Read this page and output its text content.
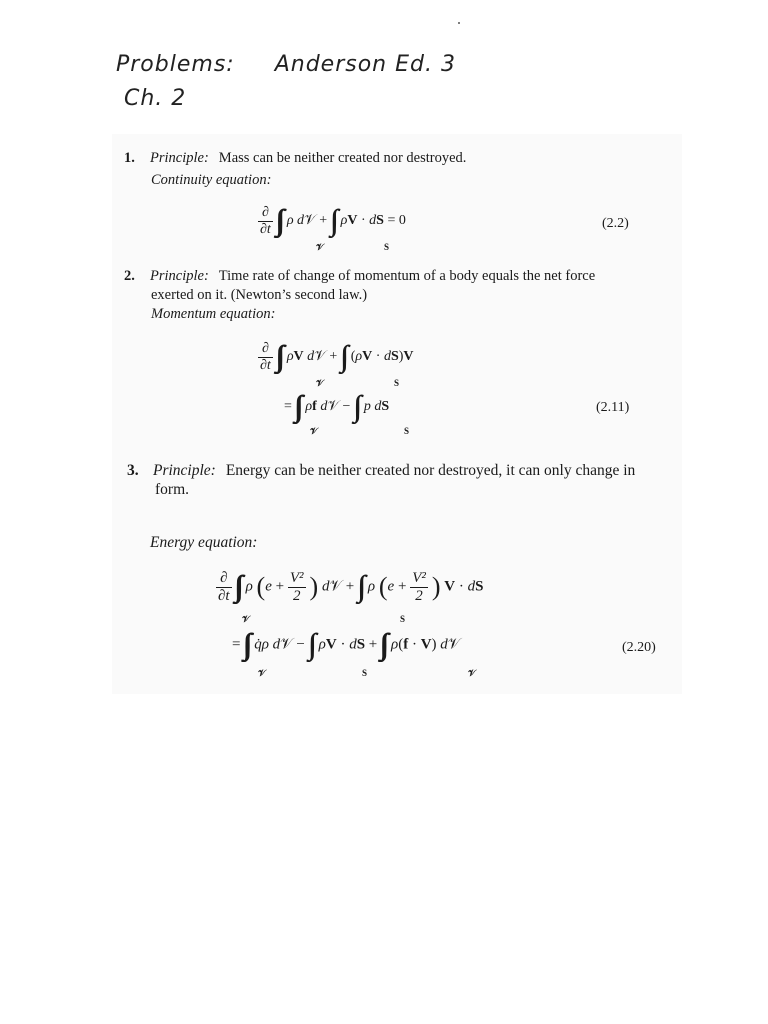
Problems: Anderson Ed. 3
Ch. 2
1. Principle: Mass can be neither created nor destroyed.
Continuity equation:
$\frac{\partial}{\partial t}$ ρ d𝒱 + ρV · dS = 0
𝒱	S
(2.2)
2. Principle: Time rate of change of momentum of a body equals the net force
exerted on it. (Newton’s second law.)
Momentum equation:
$\frac{\partial}{\partial t}$ ρV d𝒱 + (ρV · dS)V
𝒱	S
= ρf d𝒱 − p dS
𝒱	S
(2.11)
3. Principle: Energy can be neither created nor destroyed, it can only change in
form.
Energy equation:
$\frac{\partial}{\partial t}$ ρ ($e + \frac{\text{V²}}{2}$ ) d𝒱 + ρ ($e + \frac{\text{V²}}{2}$ ) V · dS
𝒱	S
= q̇ρ d𝒱 − ρV · dS + ρ(f · V) d𝒱
𝒱	S	𝒱
(2.20)
